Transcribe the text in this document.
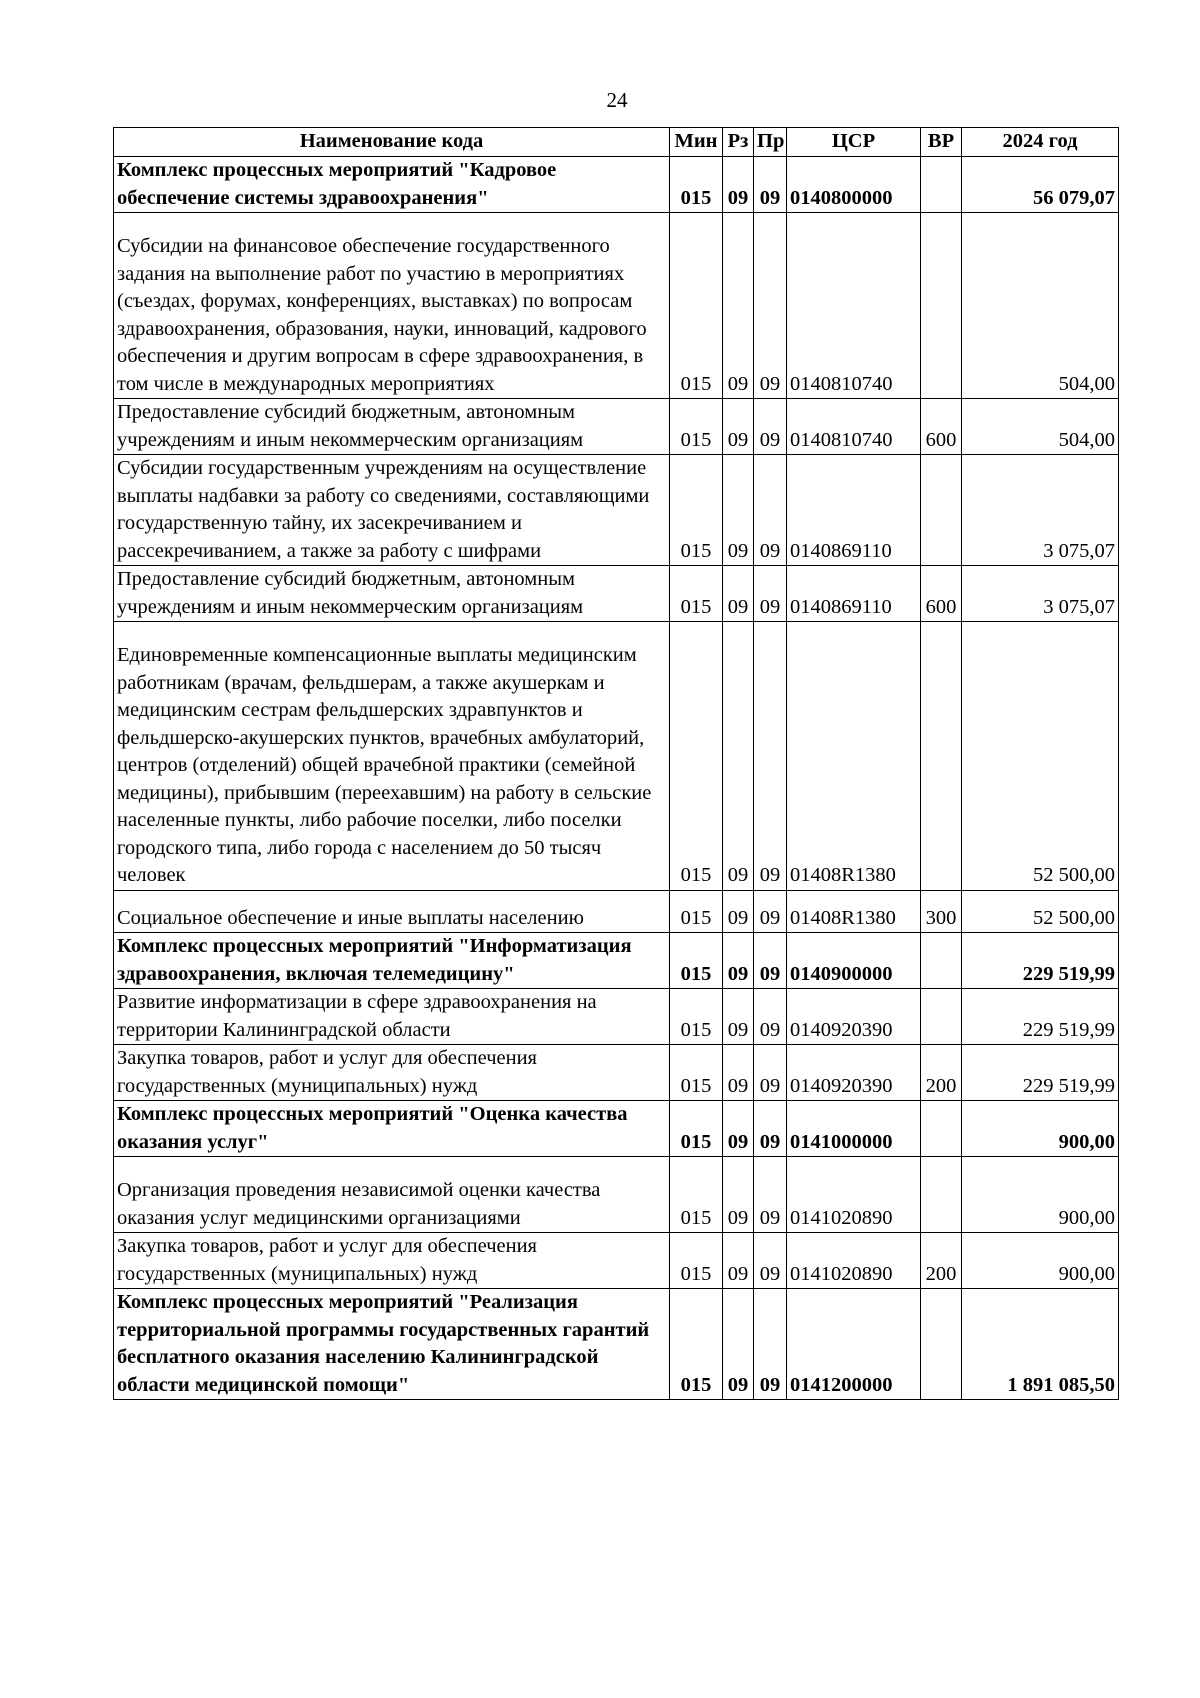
24
Наименование кода	Мин	Рз	Пр	ЦСР	ВР	2024 год
Комплекс процессных мероприятий "Кадровое обеспечение системы здравоохранения"	015	09	09	0140800000		56 079,07

Субсидии на финансовое обеспечение государственного задания на выполнение работ по участию в мероприятиях (съездах, форумах, конференциях, выставках) по вопросам здравоохранения, образования, науки, инноваций, кадрового обеспечения и другим вопросам в сфере здравоохранения, в том числе в международных мероприятиях	015	09	09	0140810740		504,00
Предоставление субсидий бюджетным, автономным учреждениям и иным некоммерческим организациям	015	09	09	0140810740	600	504,00
Субсидии государственным учреждениям на осуществление выплаты надбавки за работу со сведениями, составляющими государственную тайну, их засекречиванием и рассекречиванием, а также за работу с шифрами	015	09	09	0140869110		3 075,07
Предоставление субсидий бюджетным, автономным учреждениям и иным некоммерческим организациям	015	09	09	0140869110	600	3 075,07

Единовременные компенсационные выплаты медицинским работникам (врачам, фельдшерам, а также акушеркам и медицинским сестрам фельдшерских здравпунктов и фельдшерско-акушерских пунктов, врачебных амбулаторий, центров (отделений) общей врачебной практики (семейной медицины), прибывшим (переехавшим) на работу в сельские населенные пункты, либо рабочие поселки, либо поселки городского типа, либо города с населением до 50 тысяч человек	015	09	09	01408R1380		52 500,00

Социальное обеспечение и иные выплаты населению	015	09	09	01408R1380	300	52 500,00
Комплекс процессных мероприятий "Информатизация здравоохранения, включая телемедицину"	015	09	09	0140900000		229 519,99
Развитие информатизации в сфере здравоохранения на территории Калининградской области	015	09	09	0140920390		229 519,99
Закупка товаров, работ и услуг для обеспечения государственных (муниципальных) нужд	015	09	09	0140920390	200	229 519,99
Комплекс процессных мероприятий "Оценка качества оказания услуг"	015	09	09	0141000000		900,00

Организация проведения независимой оценки качества оказания услуг медицинскими организациями	015	09	09	0141020890		900,00
Закупка товаров, работ и услуг для обеспечения государственных (муниципальных) нужд	015	09	09	0141020890	200	900,00
Комплекс процессных мероприятий "Реализация территориальной программы государственных гарантий бесплатного оказания населению Калининградской области медицинской помощи"	015	09	09	0141200000		1 891 085,50
